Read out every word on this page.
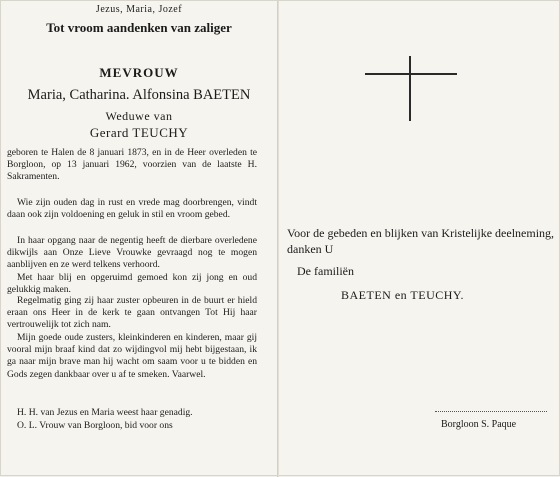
Jezus, Maria, Jozef
Tot vroom aandenken van zaliger
MEVROUW
Maria, Catharina. Alfonsina BAETEN
Weduwe van
Gerard TEUCHY

geboren te Halen de 8 januari 1873, en in de Heer overleden te Borgloon, op 13 januari 1962, voorzien van de laatste H. Sakramenten.

Wie zijn ouden dag in rust en vrede mag doorbrengen, vindt daan ook zijn voldoening en geluk in stil en vroom gebed.

In haar opgang naar de negentig heeft de dierbare overledene dikwijls aan Onze Lieve Vrouwke gevraagd nog te mogen aanblijven en ze werd telkens verhoord.

Met haar blij en opgeruimd gemoed kon zij jong en oud gelukkig maken.

Regelmatig ging zij haar zuster opbeuren in de buurt er hield eraan ons Heer in de kerk te gaan ontvangen Tot Hij haar vertrouwelijk tot zich nam.

Mijn goede oude zusters, kleinkinderen en kinderen, maar gij vooral mijn braaf kind dat zo wijdingvol mij hebt bijgestaan, ik ga naar mijn brave man hij wacht om saam voor u te bidden en Gods zegen dankbaar over u af te smeken. Vaarwel.

H. H. van Jezus en Maria weest haar genadig.

O. L. Vrouw van Borgloon, bid voor ons

Voor de gebeden en blijken van Kristelijke deelneming, danken U
De familiën
BAETEN en TEUCHY.
Borgloon S. Paque
